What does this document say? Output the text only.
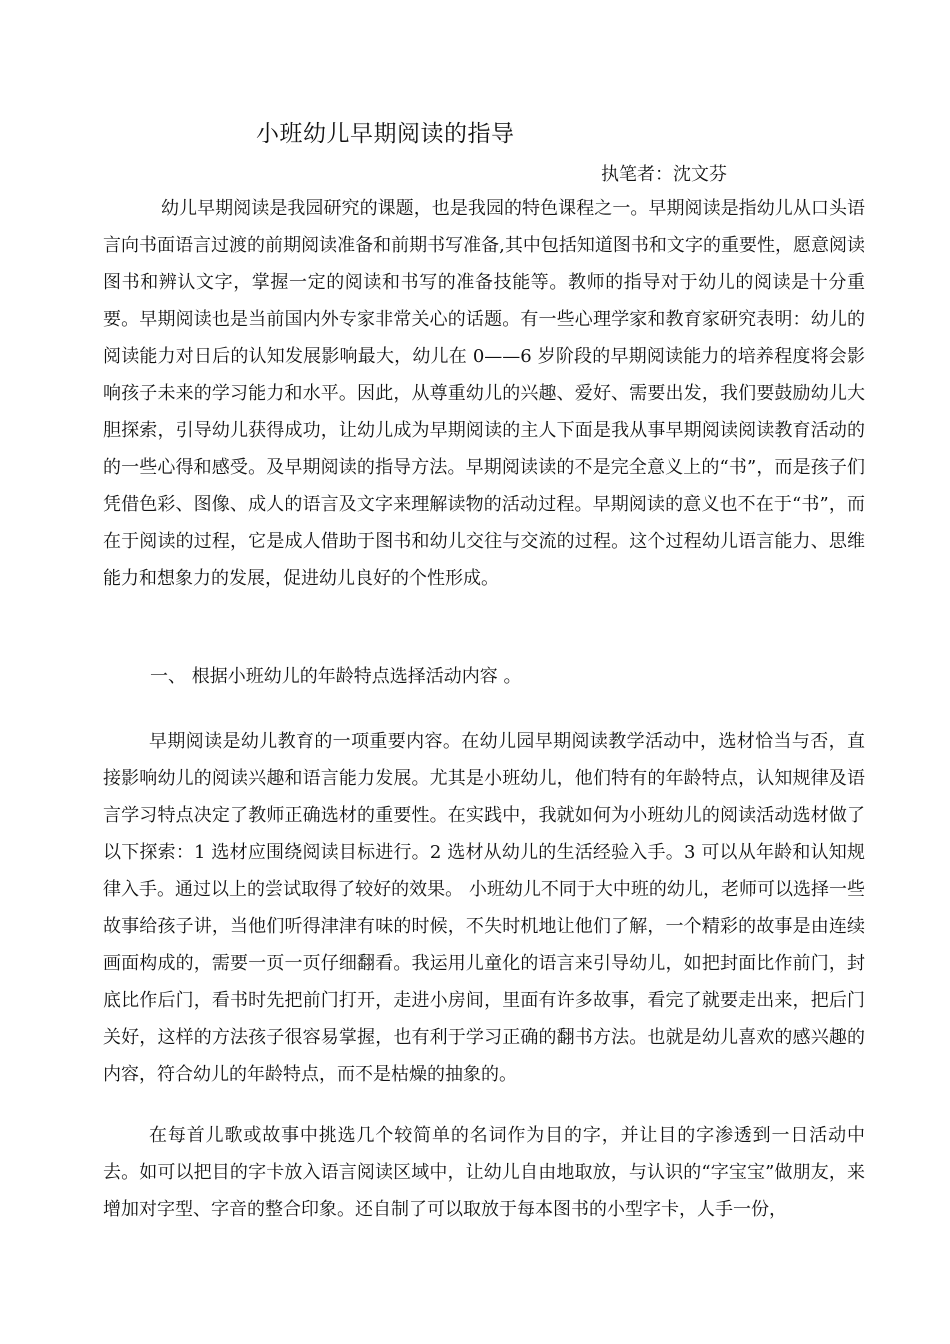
小班幼儿早期阅读的指导
执笔者：沈文芬

幼儿早期阅读是我园研究的课题，也是我园的特色课程之一。早期阅读是指幼儿从口头语言向书面语言过渡的前期阅读准备和前期书写准备,其中包括知道图书和文字的重要性，愿意阅读图书和辨认文字，掌握一定的阅读和书写的准备技能等。教师的指导对于幼儿的阅读是十分重要。早期阅读也是当前国内外专家非常关心的话题。有一些心理学家和教育家研究表明：幼儿的阅读能力对日后的认知发展影响最大，幼儿在 0——6 岁阶段的早期阅读能力的培养程度将会影响孩子未来的学习能力和水平。因此，从尊重幼儿的兴趣、爱好、需要出发，我们要鼓励幼儿大胆探索，引导幼儿获得成功，让幼儿成为早期阅读的主人下面是我从事早期阅读阅读教育活动的的一些心得和感受。及早期阅读的指导方法。早期阅读读的不是完全意义上的“书”，而是孩子们凭借色彩、图像、成人的语言及文字来理解读物的活动过程。早期阅读的意义也不在于“书”，而在于阅读的过程，它是成人借助于图书和幼儿交往与交流的过程。这个过程幼儿语言能力、思维能力和想象力的发展，促进幼儿良好的个性形成。

一、 根据小班幼儿的年龄特点选择活动内容 。

早期阅读是幼儿教育的一项重要内容。在幼儿园早期阅读教学活动中，选材恰当与否，直接影响幼儿的阅读兴趣和语言能力发展。尤其是小班幼儿，他们特有的年龄特点，认知规律及语言学习特点决定了教师正确选材的重要性。在实践中，我就如何为小班幼儿的阅读活动选材做了以下探索：1 选材应围绕阅读目标进行。2 选材从幼儿的生活经验入手。3 可以从年龄和认知规律入手。通过以上的尝试取得了较好的效果。 小班幼儿不同于大中班的幼儿，老师可以选择一些故事给孩子讲，当他们听得津津有味的时候，不失时机地让他们了解，一个精彩的故事是由连续画面构成的，需要一页一页仔细翻看。我运用儿童化的语言来引导幼儿，如把封面比作前门，封底比作后门，看书时先把前门打开，走进小房间，里面有许多故事，看完了就要走出来，把后门关好，这样的方法孩子很容易掌握，也有利于学习正确的翻书方法。也就是幼儿喜欢的感兴趣的内容，符合幼儿的年龄特点，而不是枯燥的抽象的。

在每首儿歌或故事中挑选几个较简单的名词作为目的字，并让目的字渗透到一日活动中去。如可以把目的字卡放入语言阅读区域中，让幼儿自由地取放，与认识的“字宝宝”做朋友，来增加对字型、字音的整合印象。还自制了可以取放于每本图书的小型字卡，人手一份，
